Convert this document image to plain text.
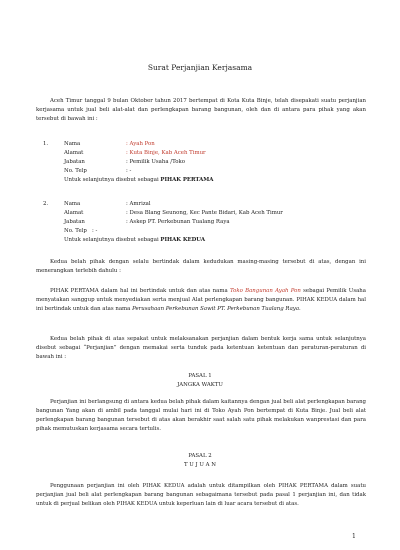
Surat Perjanjian Kerjasama

Aceh Timur tanggal 9 bulan Oktober tahun 2017 bertempat di Kota Kuta Binje, telah disepakati suatu perjanjian kerjasama untuk jual beli alat-alat dan perlengkapan barang bangunan, oleh dan di antara para pihak yang akan tersebut di bawah ini :

1.	Nama	: Ayah Pon
Alamat	: Kuta Binje, Kab Aceh Timur
Jabatan	: Pemilik Usaha /Toko
No. Telp	: -
Untuk selanjutnya disebut sebagai PIHAK PERTAMA
2.	Nama	: Amrizal
Alamat	: Desa Blang Seunong, Kec Pante Bidari, Kab Aceh Timur
Jabatan	: Askep PT. Perkebunan Tualang Raya
No. Telp : -
Untuk selanjutnya disebut sebagai PIHAK KEDUA

Kedua belah pihak dengan selalu bertindak dalam kedudukan masing-masing tersebut di atas, dengan ini menerangkan terlebih dahulu :

PIHAK PERTAMA dalam hal ini bertindak untuk dan atas nama Toko Bangunan Ayah Pon sebagai Pemilik Usaha menyatakan sanggup untuk menyediakan serta menjual Alat perlengkapan barang bangunan. PIHAK KEDUA dalam hal ini bertindak untuk dan atas nama Perusahaan Perkebunan Sawit PT. Perkebunan Tualang Raya.

Kedua belah pihak di atas sepakat untuk melaksanakan perjanjian dalam bentuk kerja sama untuk selanjutnya disebut sebagai “Perjanjian” dengan memakai serta tunduk pada ketentuan ketentuan dan peraturan-peraturan di bawah ini :

PASAL 1
JANGKA WAKTU

Perjanjian ini berlangsung di antara kedua belah pihak dalam kaitannya dengan jual beli alat perlengkapan barang bangunan Yang akan di ambil pada tanggal mulai hari ini di Toko Ayah Pon bertempat di Kuta Binje. Jual beli alat perlengkapan barang bangunan tersebut di atas akan berakhir saat salah satu pihak melakukan wanprestasi dan para pihak memutuskan kerjasama secara tertulis.

PASAL 2
T U J U A N

Penggunaan perjanjian ini oleh PIHAK KEDUA adalah untuk ditampilkan oleh PIHAK PERTAMA dalam suatu perjanjian jual beli alat perlengkapan barang bangunan sebagaimana tersebut pada pasal 1 perjanjian ini, dan tidak untuk di perjual belikan oleh PIHAK KEDUA untuk keperluan lain di luar acara tersebut di atas.

1
